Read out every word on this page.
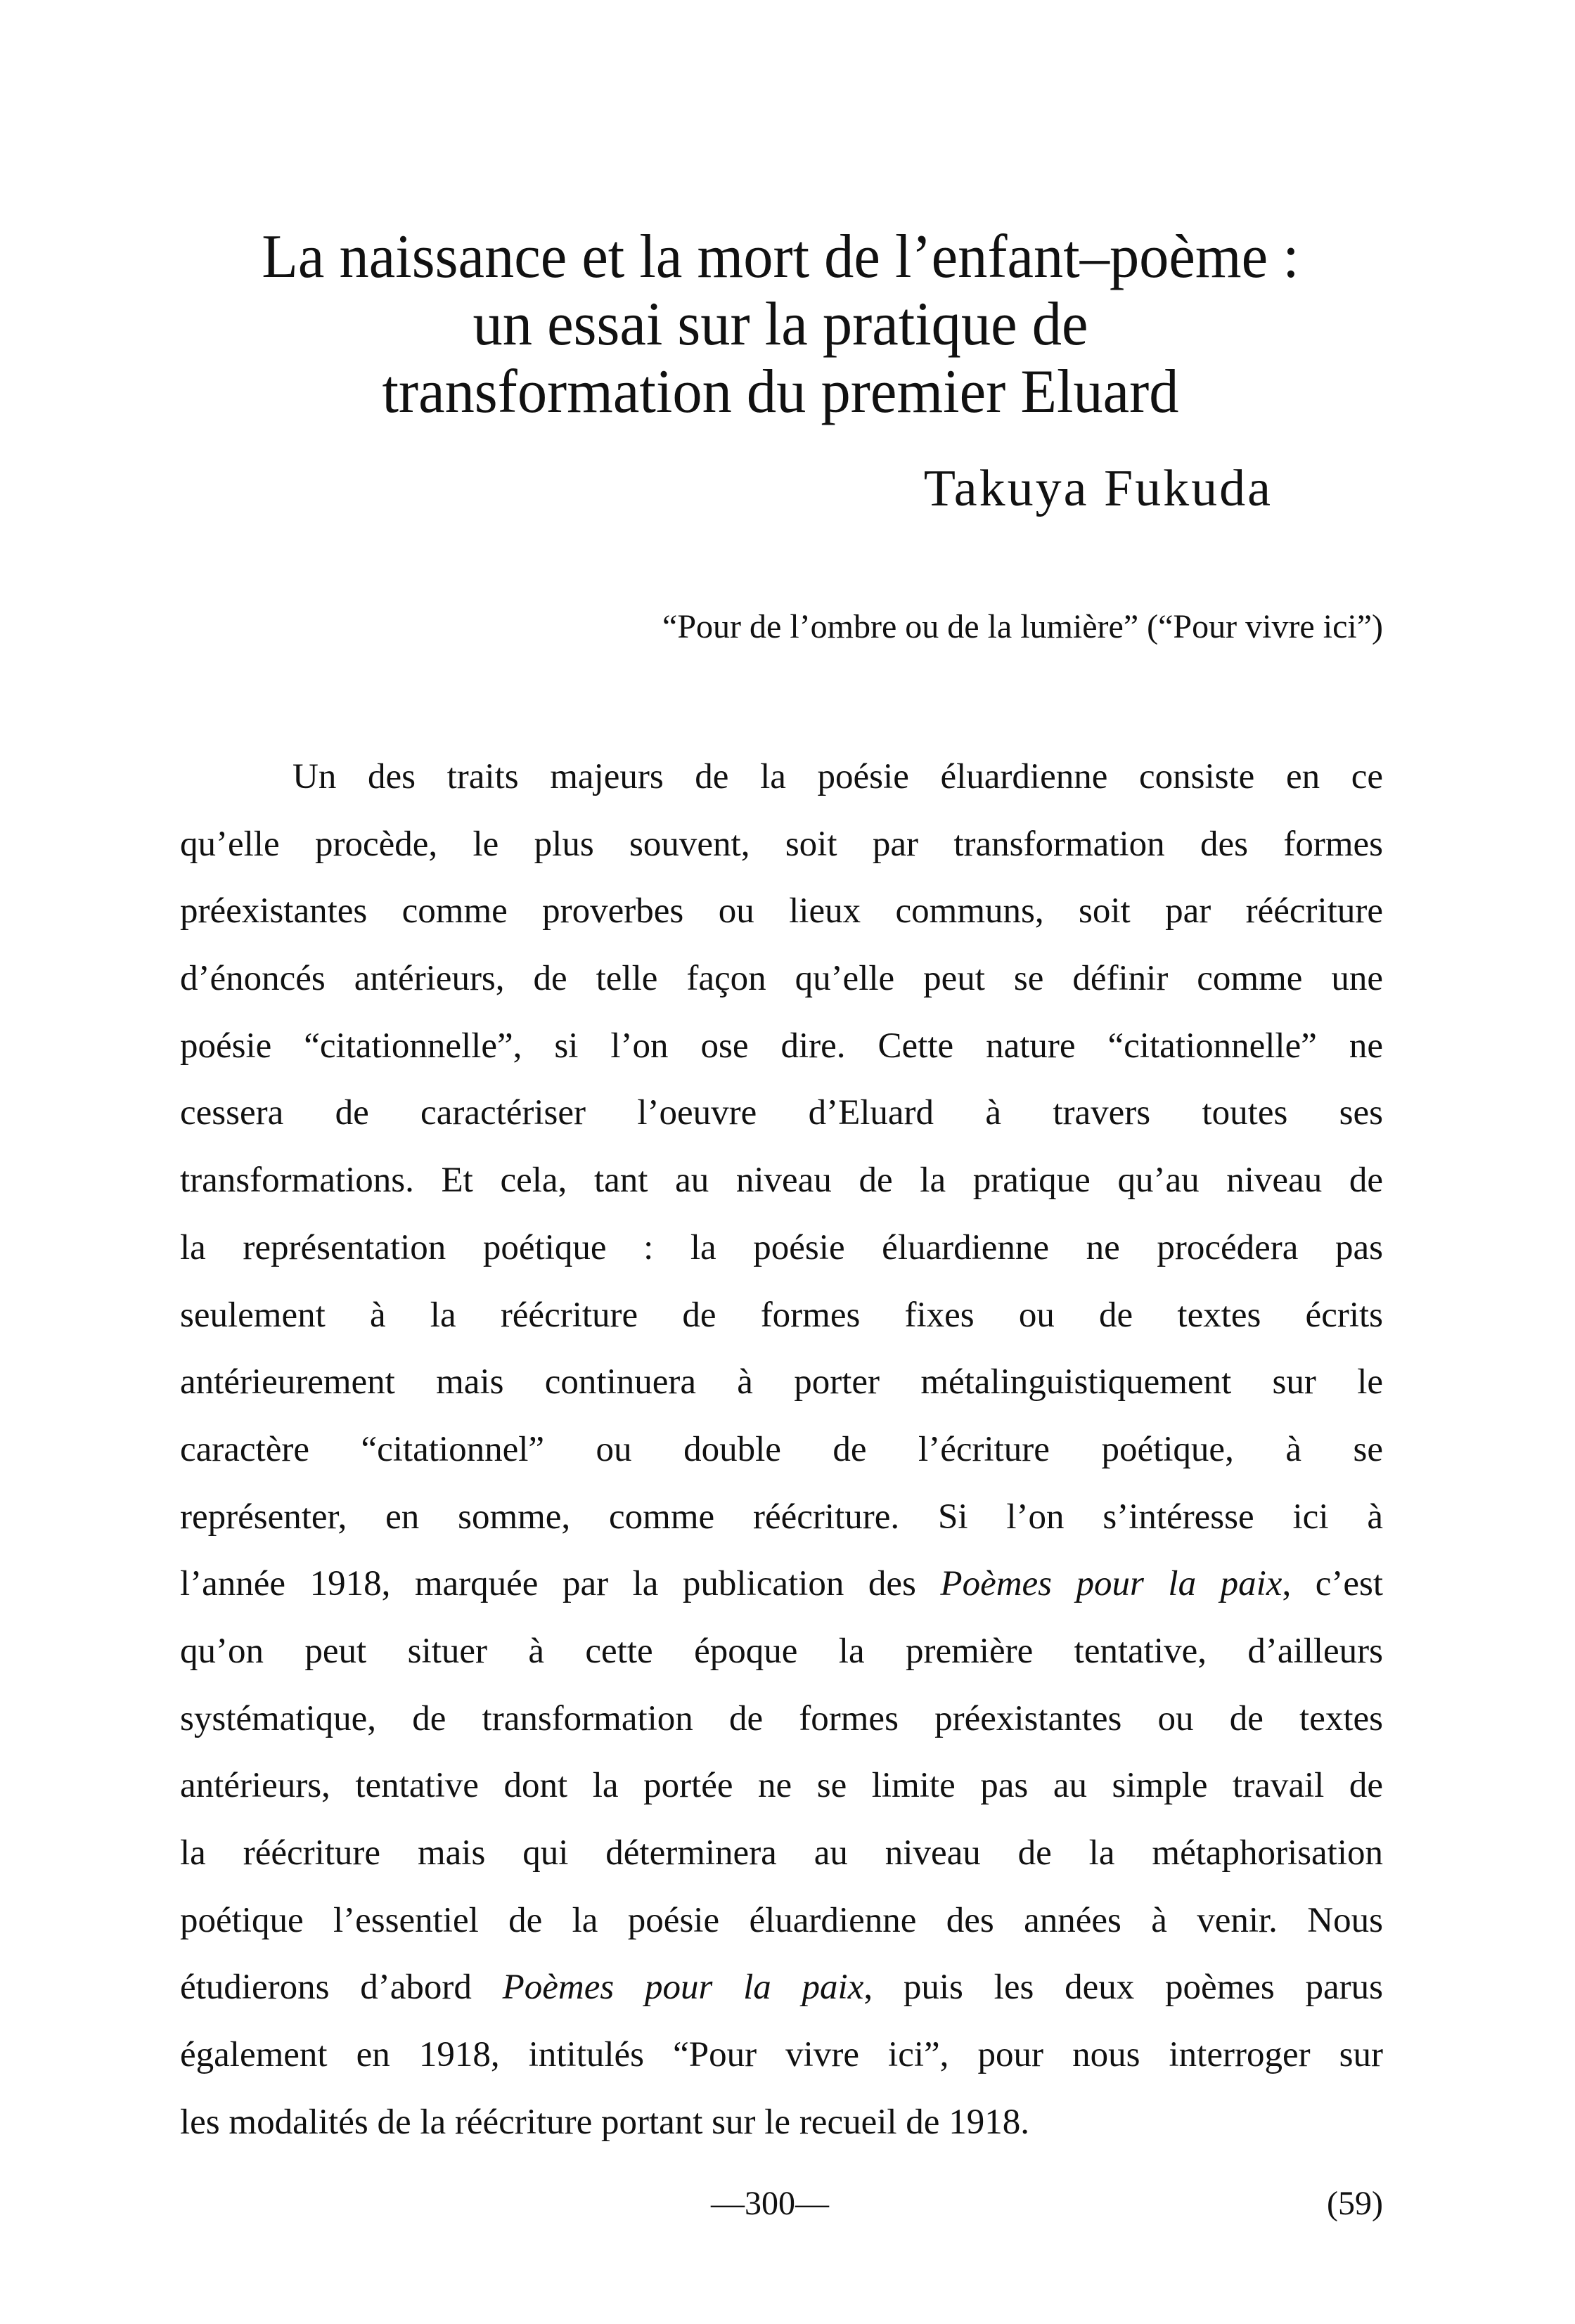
La naissance et la mort de l’enfant–poème :
un essai sur la pratique de
transformation du premier Eluard
Takuya Fukuda
“Pour de l’ombre ou de la lumière” (“Pour vivre ici”)
Un des traits majeurs de la poésie éluardienne consiste en ce
qu’elle procède, le plus souvent, soit par transformation des formes
préexistantes comme proverbes ou lieux communs, soit par réécriture
d’énoncés antérieurs, de telle façon qu’elle peut se définir comme une
poésie “citationnelle”, si l’on ose dire. Cette nature “citationnelle” ne
cessera de caractériser l’oeuvre d’Eluard à travers toutes ses
transformations. Et cela, tant au niveau de la pratique qu’au niveau de
la représentation poétique : la poésie éluardienne ne procédera pas
seulement à la réécriture de formes fixes ou de textes écrits
antérieurement mais continuera à porter métalinguistiquement sur le
caractère “citationnel” ou double de l’écriture poétique, à se
représenter, en somme, comme réécriture. Si l’on s’intéresse ici à
l’année 1918, marquée par la publication des Poèmes pour la paix, c’est
qu’on peut situer à cette époque la première tentative, d’ailleurs
systématique, de transformation de formes préexistantes ou de textes
antérieurs, tentative dont la portée ne se limite pas au simple travail de
la réécriture mais qui déterminera au niveau de la métaphorisation
poétique l’essentiel de la poésie éluardienne des années à venir. Nous
étudierons d’abord Poèmes pour la paix, puis les deux poèmes parus
également en 1918, intitulés “Pour vivre ici”, pour nous interroger sur
les modalités de la réécriture portant sur le recueil de 1918.
—300—	(59)
